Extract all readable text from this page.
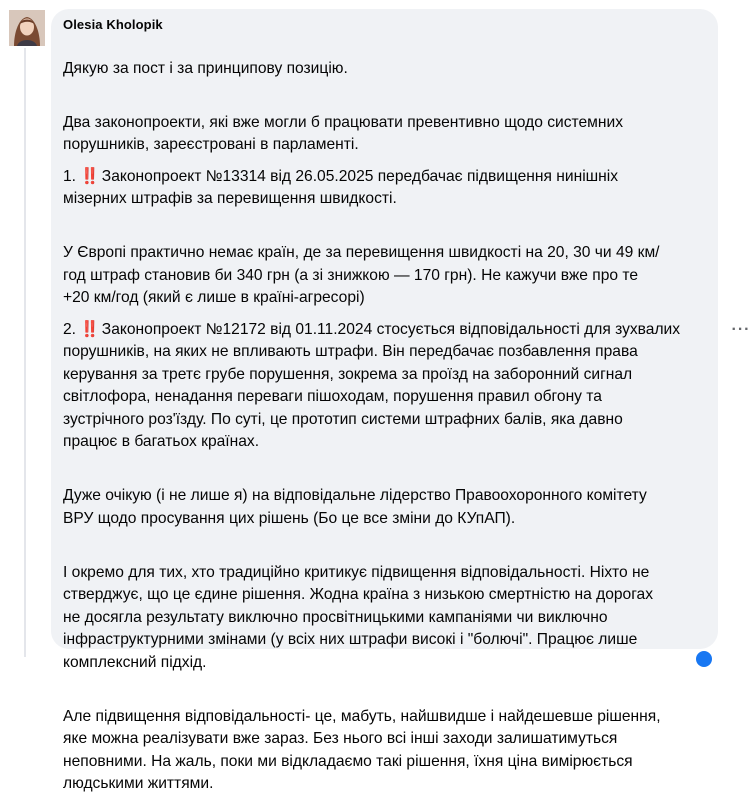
Olesia Kholopik

Дякую за пост і за принципову позицію.

Два законопроекти, які вже могли б працювати превентивно щодо системних
порушників, зареєстровані в парламенті.

1. ‼️ Законопроект №13314 від 26.05.2025 передбачає підвищення нинішніх
мізерних штрафів за перевищення швидкості.

У Європі практично немає країн, де за перевищення швидкості на 20, 30 чи 49 км/
год штраф становив би 340 грн (а зі знижкою — 170 грн). Не кажучи вже про те
+20 км/год (який є лише в країні-агресорі)

2. ‼️ Законопроект №12172 від 01.11.2024 стосується відповідальності для зухвалих
порушників, на яких не впливають штрафи. Він передбачає позбавлення права
керування за третє грубе порушення, зокрема за проїзд на заборонний сигнал
світлофора, ненадання переваги пішоходам, порушення правил обгону та
зустрічного роз'їзду. По суті, це прототип системи штрафних балів, яка давно
працює в багатьох країнах.

Дуже очікую (і не лише я) на відповідальне лідерство Правоохоронного комітету
ВРУ щодо просування цих рішень (Бо це все зміни до КУпАП).

І окремо для тих, хто традиційно критикує підвищення відповідальності. Ніхто не
стверджує, що це єдине рішення. Жодна країна з низькою смертністю на дорогах
не досягла результату виключно просвітницькими кампаніями чи виключно
інфраструктурними змінами (у всіх них штрафи високі і "болючі". Працює лише
комплексний підхід.

Але підвищення відповідальності- це, мабуть, найшвидше і найдешевше рішення,
яке можна реалізувати вже зараз. Без нього всі інші заходи залишатимуться
неповними. На жаль, поки ми відкладаємо такі рішення, їхня ціна вимірюється
людськими життями.

···
